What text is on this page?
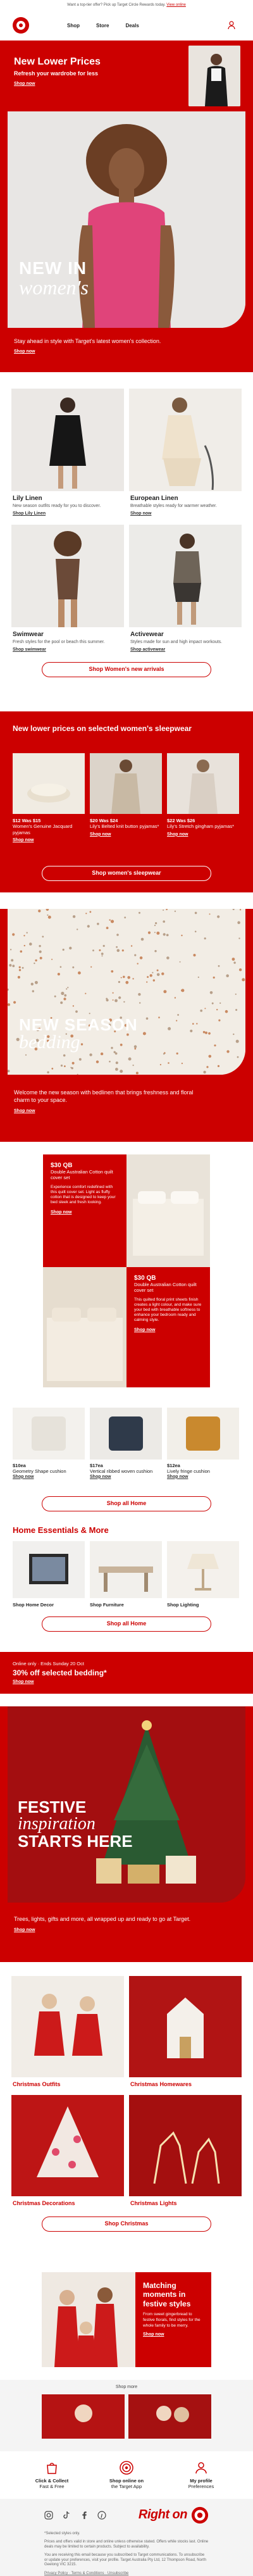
Want a top-tier offer? Pick up Target Circle Rewards today. View online
Shop	Store	Deals
New Lower Prices
Refresh your wardrobe for less
Shop now
NEW IN
women's
Stay ahead in style with Target's latest women's collection.
Shop now
Lily Linen

New season outfits ready for you to discover.

Shop Lily Linen
European Linen

Breathable styles ready for warmer weather.

Shop now
Swimwear

Fresh styles for the pool or beach this summer.

Shop swimwear
Activewear

Styles made for sun and high impact workouts.

Shop activewear
Shop Women's new arrivals
New lower prices on selected women's sleepwear
$12 Was $15
Women's Genuine Jacquard pyjamas
Shop now
$20 Was $24
Lily's Belted knit button pyjamas*
Shop now
$22 Was $26
Lily's Stretch gingham pyjamas*
Shop now
Shop women's sleepwear
NEW SEASON
bedding
Welcome the new season with bedlinen that brings freshness and floral charm to your space.
Shop now
$30 QB
Double Australian Cotton quilt cover set
Experience comfort redefined with this quilt cover set. Light as fluffy cotton that is designed to keep your bed sleek and fresh looking.
Shop now
$30 QB
Double Australian Cotton quilt cover set
This quilted floral print sheets finish creates a light colour, and make sure your bed with breathable softness to enhance your bedroom ready and calming style.
Shop now
$10ea
Geometry Shape cushion
Shop now
$17ea
Vertical ribbed woven cushion
Shop now
$12ea
Lively fringe cushion
Shop now
Shop all Home
Home Essentials & More
Shop Home Decor	Shop Furniture	Shop Lighting
Shop all Home
Online only · Ends Sunday 20 Oct
30% off selected bedding*
Shop now
FESTIVE
inspiration
STARTS HERE
Trees, lights, gifts and more, all wrapped up and ready to go at Target.
Shop now
Christmas Outfits	Christmas Homewares
Christmas Decorations	Christmas Lights
Shop Christmas
Matching moments in festive styles
From sweet gingerbread to festive florals, find styles for the whole family to be merry.
Shop now
Shop more
Click & Collect
Fast & Free
Shop online on
the Target App
My profile
Preferences
Right on
*Selected styles only.
Prices and offers valid in store and online unless otherwise stated. Offers while stocks last. Online deals may be limited to certain products. Subject to availability.
You are receiving this email because you subscribed to Target communications. To unsubscribe or update your preferences, visit your profile. Target Australia Pty Ltd, 12 Thompson Road, North Geelong VIC 3215.
Privacy Policy · Terms & Conditions · Unsubscribe
